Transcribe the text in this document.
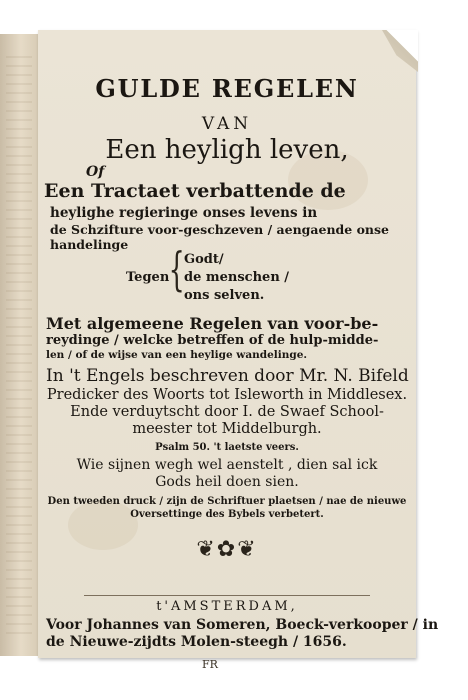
GULDE REGELEN
VAN
Een heyligh leven,
Of
Een Tractaet verbattende de
heylighe regieringe onses levens in
de Schzifture voor-geschzeven / aengaende onse
handelinge
Tegen { Godt/
de menschen /
ons selven.
Met algemeene Regelen van voor-be-
reydinge / welcke betreffen of de hulp-midde-
len / of de wijse van een heylige wandelinge.
In 't Engels beschreven door Mr. N. Bifeld
Predicker des Woorts tot Isleworth in Middlesex.
Ende verduytscht door I. de Swaef School-
meester tot Middelburgh.
Psalm 50. 't laetste veers.
Wie sijnen wegh wel aenstelt , dien sal ick
Gods heil doen sien.
Den tweeden druck / zijn de Schriftuer plaetsen / nae de nieuwe
Oversettinge des Bybels verbetert.
❦✿❦
t'AMSTERDAM,
Voor Johannes van Someren, Boeck-verkooper / in
de Nieuwe-zijdts Molen-steegh / 1656.
FR
